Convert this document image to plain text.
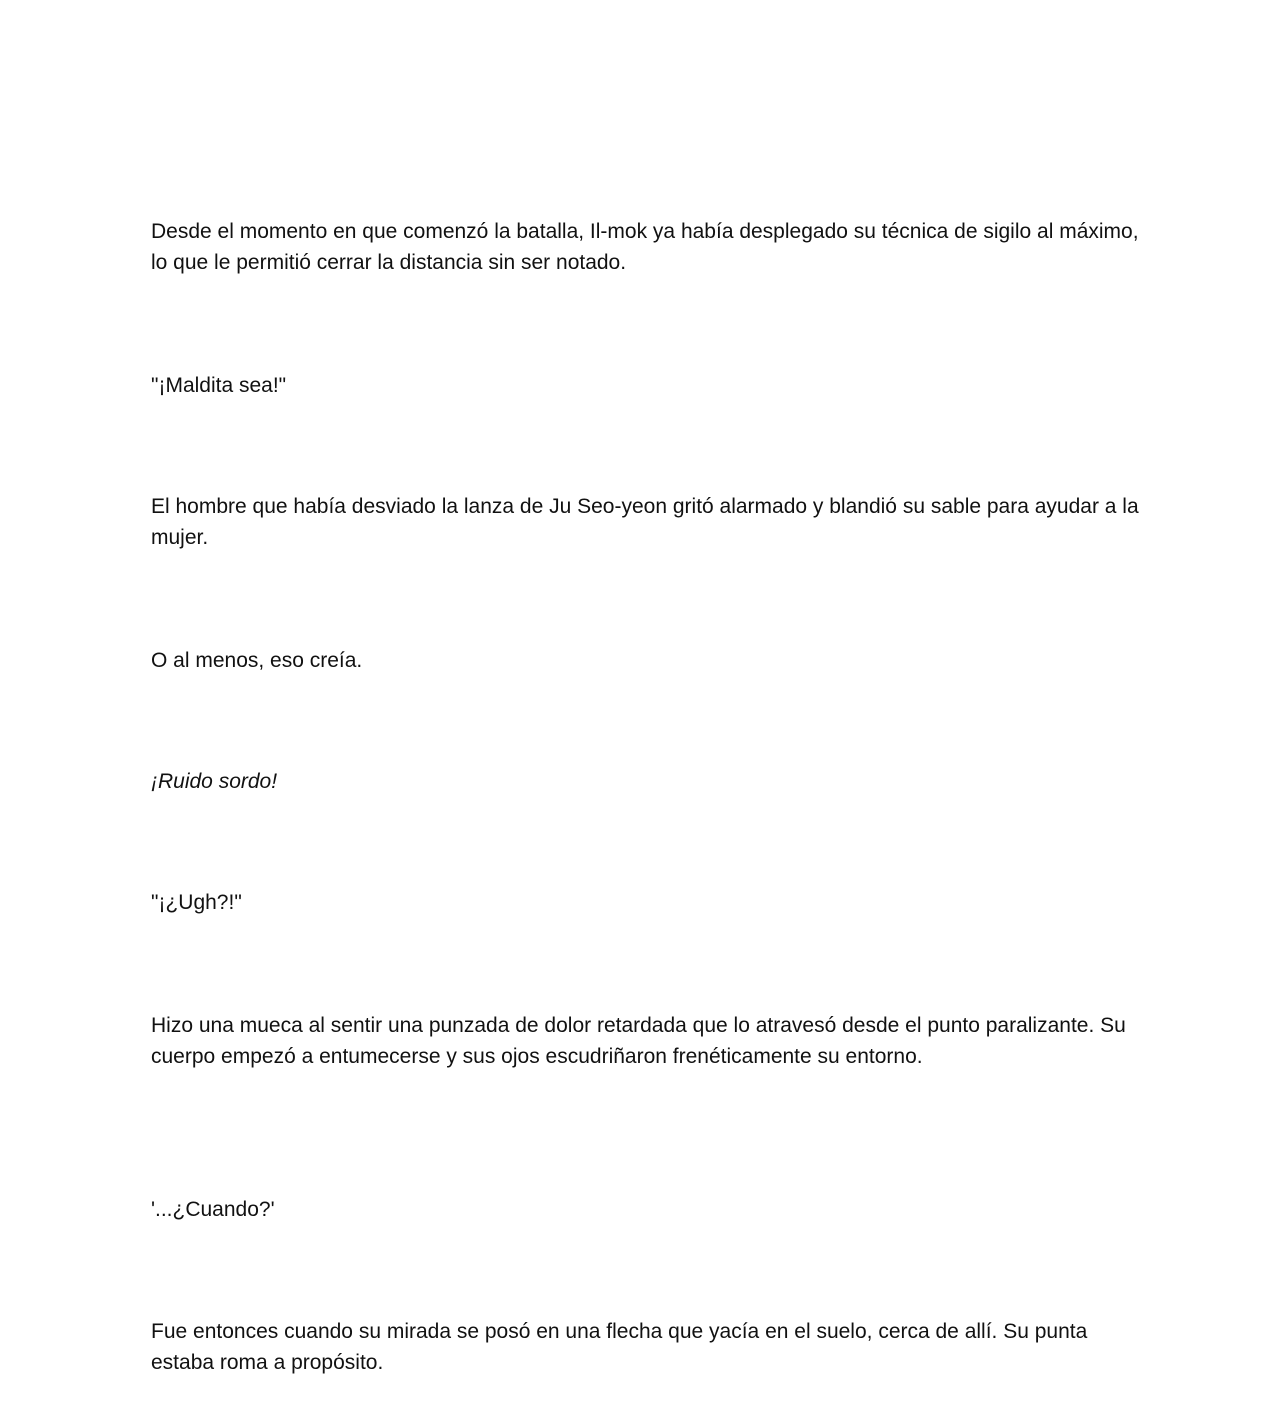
Desde el momento en que comenzó la batalla, Il-mok ya había desplegado su técnica de sigilo al máximo, lo que le permitió cerrar la distancia sin ser notado.

"¡Maldita sea!"

El hombre que había desviado la lanza de Ju Seo-yeon gritó alarmado y blandió su sable para ayudar a la mujer.

O al menos, eso creía.

¡Ruido sordo!

"¡¿Ugh?!"

Hizo una mueca al sentir una punzada de dolor retardada que lo atravesó desde el punto paralizante. Su cuerpo empezó a entumecerse y sus ojos escudriñaron frenéticamente su entorno.

'...¿Cuando?'

Fue entonces cuando su mirada se posó en una flecha que yacía en el suelo, cerca de allí. Su punta estaba roma a propósito.
